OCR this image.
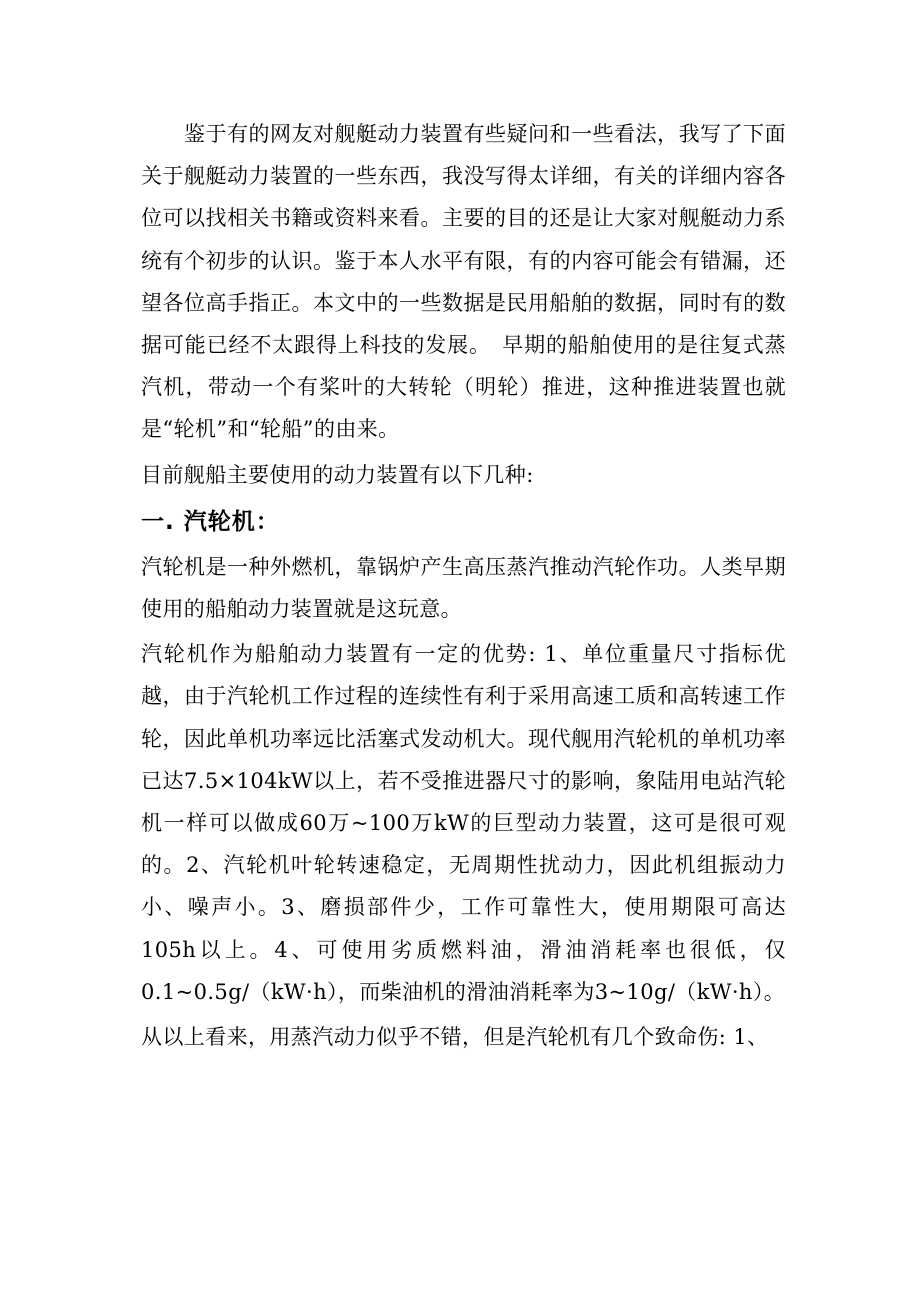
鉴于有的网友对舰艇动力装置有些疑问和一些看法，我写了下面关于舰艇动力装置的一些东西，我没写得太详细，有关的详细内容各位可以找相关书籍或资料来看。主要的目的还是让大家对舰艇动力系统有个初步的认识。鉴于本人水平有限，有的内容可能会有错漏，还望各位高手指正。本文中的一些数据是民用船舶的数据，同时有的数据可能已经不太跟得上科技的发展。　早期的船舶使用的是往复式蒸汽机，带动一个有桨叶的大转轮（明轮）推进，这种推进装置也就是“轮机”和“轮船”的由来。

目前舰船主要使用的动力装置有以下几种:

一. 汽轮机：

汽轮机是一种外燃机，靠锅炉产生高压蒸汽推动汽轮作功。人类早期使用的船舶动力装置就是这玩意。

汽轮机作为船舶动力装置有一定的优势: 1、单位重量尺寸指标优越，由于汽轮机工作过程的连续性有利于采用高速工质和高转速工作轮，因此单机功率远比活塞式发动机大。现代舰用汽轮机的单机功率已达7.5×104kW以上，若不受推进器尺寸的影响，象陆用电站汽轮机一样可以做成60万~100万kW的巨型动力装置，这可是很可观的。2、汽轮机叶轮转速稳定，无周期性扰动力，因此机组振动力小、噪声小。3、磨损部件少，工作可靠性大，使用期限可高达105h以上。4、可使用劣质燃料油，滑油消耗率也很低，仅0.1~0.5g/（kW·h），而柴油机的滑油消耗率为3~10g/（kW·h）。

从以上看来，用蒸汽动力似乎不错，但是汽轮机有几个致命伤: 1、
